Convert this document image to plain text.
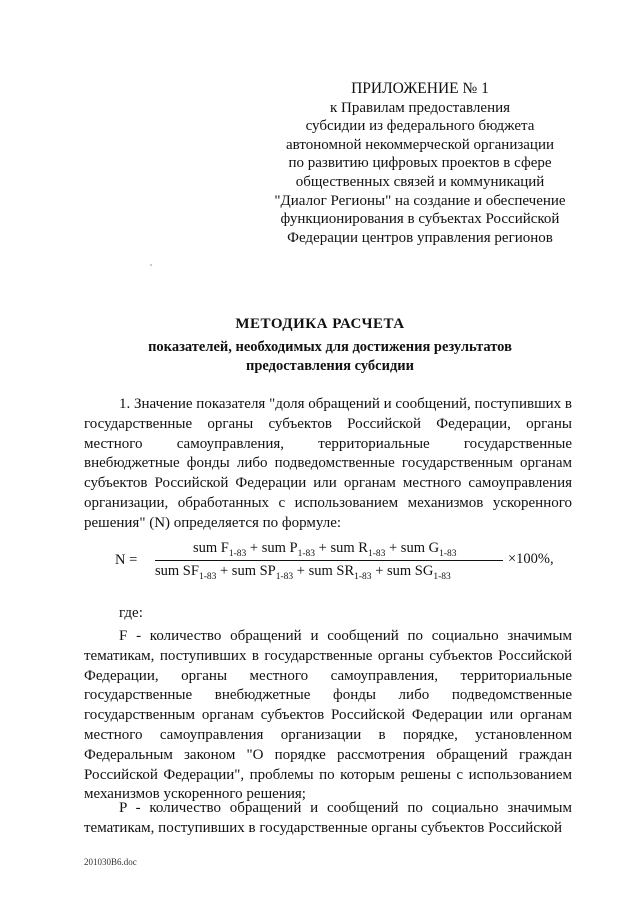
ПРИЛОЖЕНИЕ № 1
к Правилам предоставления
субсидии из федерального бюджета
автономной некоммерческой организации
по развитию цифровых проектов в сфере
общественных связей и коммуникаций
"Диалог Регионы" на создание и обеспечение
функционирования в субъектах Российской
Федерации центров управления регионов
МЕТОДИКА РАСЧЕТА
показателей, необходимых для достижения результатов
предоставления субсидии

1. Значение показателя "доля обращений и сообщений, поступивших в государственные органы субъектов Российской Федерации, органы местного самоуправления, территориальные государственные внебюджетные фонды либо подведомственные государственным органам субъектов Российской Федерации или органам местного самоуправления организации, обработанных с использованием механизмов ускоренного решения" (N) определяется по формуле:

N =
sum $F_{1-83}$ + sum $P_{1-83}$ + sum $R_{1-83}$ + sum $G_{1-83}$
sum $SF_{1-83}$ + sum $SP_{1-83}$ + sum $SR_{1-83}$ + sum $SG_{1-83}$
×100%,
где:

F - количество обращений и сообщений по социально значимым тематикам, поступивших в государственные органы субъектов Российской Федерации, органы местного самоуправления, территориальные государственные внебюджетные фонды либо подведомственные государственным органам субъектов Российской Федерации или органам местного самоуправления организации в порядке, установленном Федеральным законом "О порядке рассмотрения обращений граждан Российской Федерации", проблемы по которым решены с использованием механизмов ускоренного решения;

P - количество обращений и сообщений по социально значимым тематикам, поступивших в государственные органы субъектов Российской

201030B6.doc
